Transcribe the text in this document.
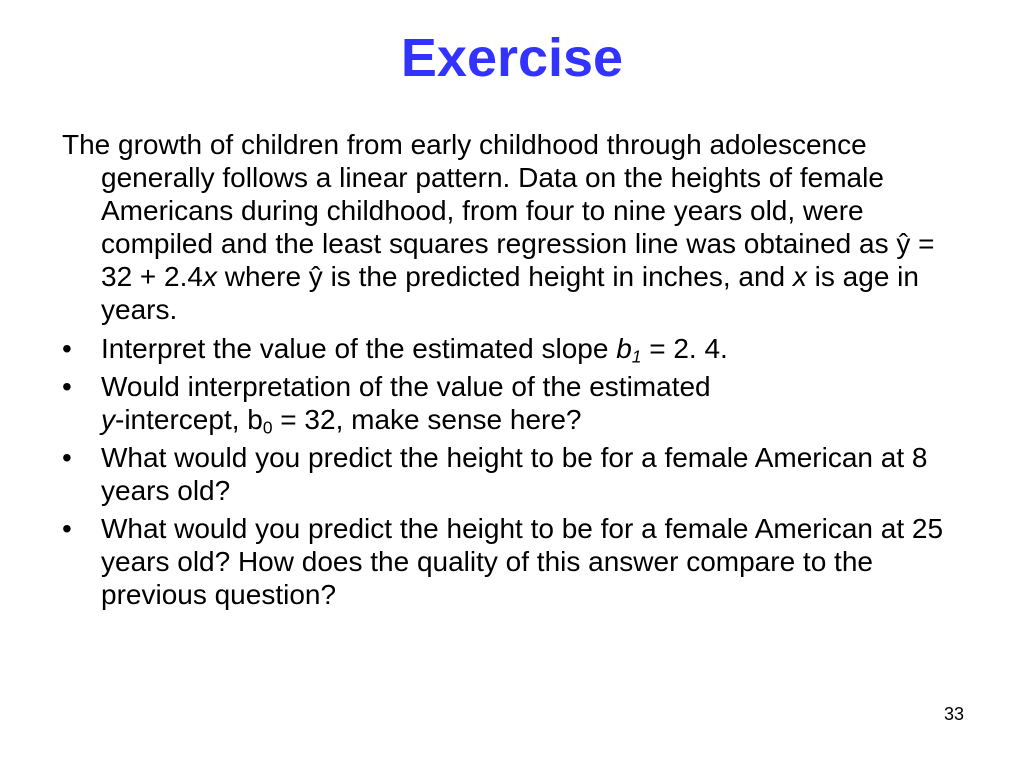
Exercise

The growth of children from early childhood through adolescence generally follows a linear pattern. Data on the heights of female Americans during childhood, from four to nine years old, were compiled and the least squares regression line was obtained as ŷ = 32 + 2.4x where ŷ is the predicted height in inches, and x is age in years.

•	Interpret the value of the estimated slope $b_1 = 2$. 4.
•	Would interpretation of the value of the estimated
y-intercept, $b_0 = 32$, make sense here?
•	What would you predict the height to be for a female American at 8 years old?
•	What would you predict the height to be for a female American at 25 years old? How does the quality of this answer compare to the previous question?
33
